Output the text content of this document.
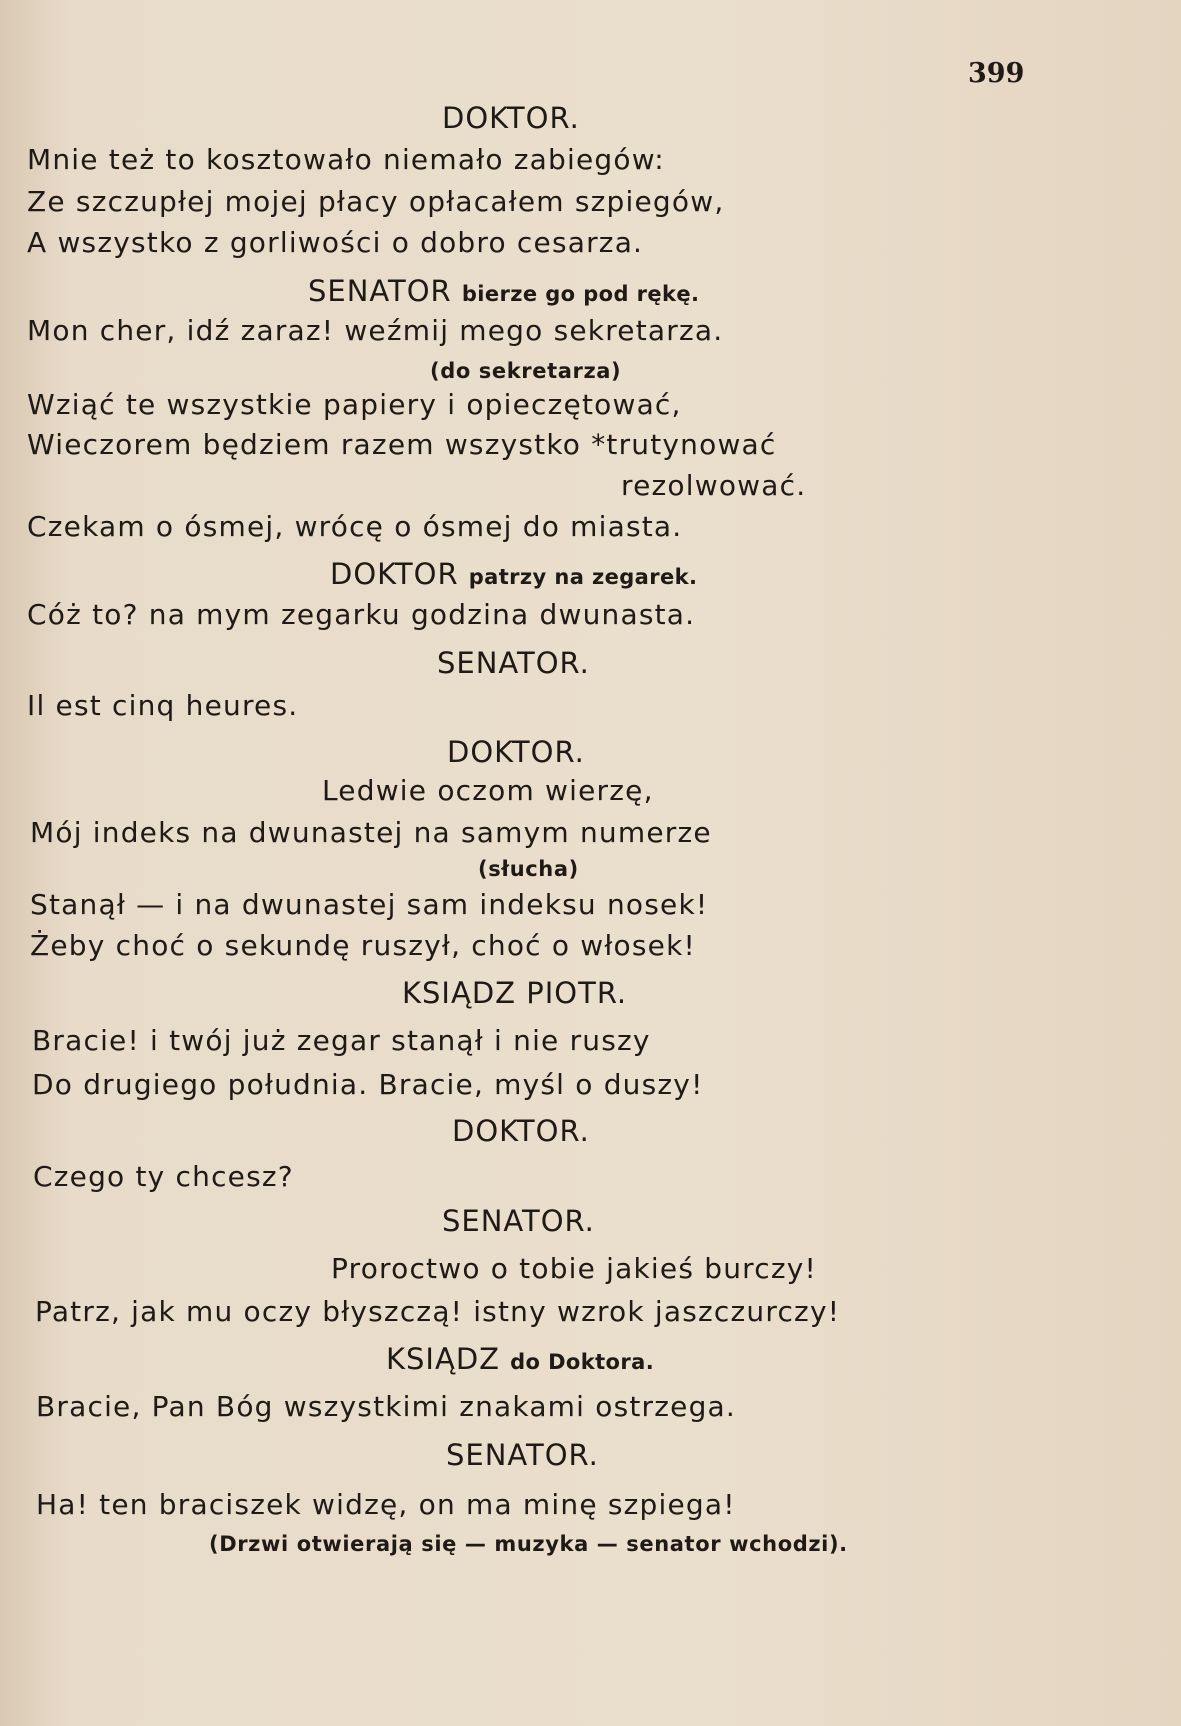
399
DOKTOR.
Mnie też to kosztowało niemało zabiegów:
Ze szczupłej mojej płacy opłacałem szpiegów,
A wszystko z gorliwości o dobro cesarza.
SENATOR bierze go pod rękę.
Mon cher, idź zaraz! weźmij mego sekretarza.
(do sekretarza)
Wziąć te wszystkie papiery i opieczętować,
Wieczorem będziem razem wszystko *trutynować
rezolwować.
Czekam o ósmej, wrócę o ósmej do miasta.
DOKTOR patrzy na zegarek.
Cóż to? na mym zegarku godzina dwunasta.
SENATOR.
Il est cinq heures.
DOKTOR.
Ledwie oczom wierzę,
Mój indeks na dwunastej na samym numerze
(słucha)
Stanął — i na dwunastej sam indeksu nosek!
Żeby choć o sekundę ruszył, choć o włosek!
KSIĄDZ PIOTR.
Bracie! i twój już zegar stanął i nie ruszy
Do drugiego południa. Bracie, myśl o duszy!
DOKTOR.
Czego ty chcesz?
SENATOR.
Proroctwo o tobie jakieś burczy!
Patrz, jak mu oczy błyszczą! istny wzrok jaszczurczy!
KSIĄDZ do Doktora.
Bracie, Pan Bóg wszystkimi znakami ostrzega.
SENATOR.
Ha! ten braciszek widzę, on ma minę szpiega!
(Drzwi otwierają się — muzyka — senator wchodzi).
